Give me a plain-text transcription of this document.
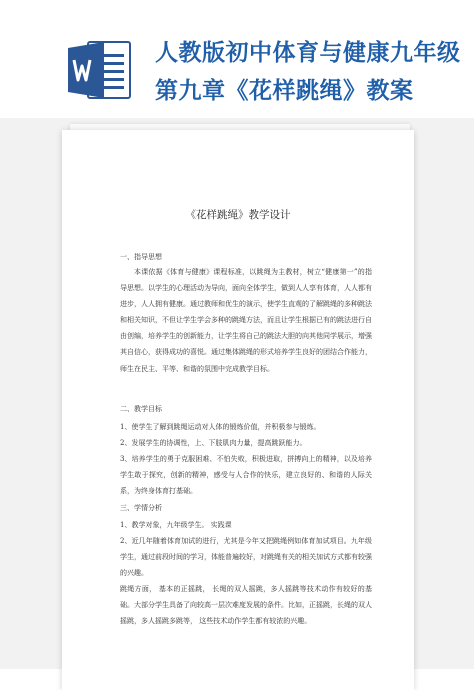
人教版初中体育与健康九年级
第九章《花样跳绳》教案
《花样跳绳》教学设计
一、指导思想
本课依据《体育与健康》课程标准，以跳绳为主教材，树立“健康第一”的指导思想。以学生的心理活动为导向，面向全体学生，做到人人享有体育，人人都有进步，人人拥有健康。通过教师和优生的演示，使学生直观的了解跳绳的多种跳法和相关知识，不但让学生学会多种的跳绳方法，而且让学生根据已有的跳法进行自由创编，培养学生的创新能力，让学生将自己的跳法大胆的向其他同学展示，增强其自信心，获得成功的喜悦。通过集体跳绳的形式培养学生良好的团结合作能力，师生在民主、平等、和谐的氛围中完成教学目标。
二、教学目标
1、使学生了解到跳绳运动对人体的锻炼价值，并积极参与锻炼。
2、发展学生的协调性，上、下肢肌肉力量，提高跳跃能力。
3、培养学生的勇于克服困难、不怕失败，积极进取，拼搏向上的精神，以及培养学生敢于探究，创新的精神，感受与人合作的快乐，建立良好的、和谐的人际关系，为终身体育打基础。
三、学情分析
1、教学对象，九年级学生。 实践课
2、近几年随着体育加试的进行，尤其是今年又把跳绳例如体育加试项目。九年级学生，通过前段时间的学习，体能普遍较好，对跳绳有关的相关加试方式都有较强的兴趣。
跳绳方面， 基本的正摇跳， 长绳的双人摇跳，多人摇跳等技术动作有较好的基础。大部分学生具备了向较高一层次难度发展的条件。比如，正摇跳，长绳的双人摇跳，多人摇跳多跳等， 这些技术动作学生都有较浓的兴趣。
